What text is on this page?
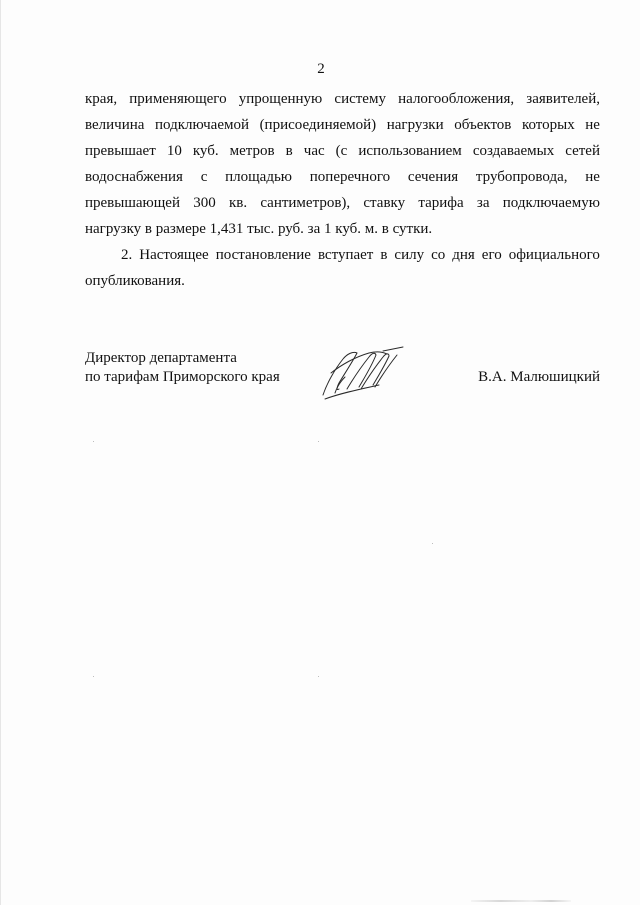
2
края, применяющего упрощенную систему налогообложения, заявителей,
величина подключаемой (присоединяемой) нагрузки объектов которых не
превышает 10 куб. метров в час (с использованием создаваемых сетей
водоснабжения с площадью поперечного сечения трубопровода, не
превышающей 300 кв. сантиметров), ставку тарифа за подключаемую
нагрузку в размере 1,431 тыс. руб. за 1 куб. м. в сутки.
2. Настоящее постановление вступает в силу со дня его официального
опубликования.
Директор департамента
по тарифам Приморского края	В.А. Малюшицкий
